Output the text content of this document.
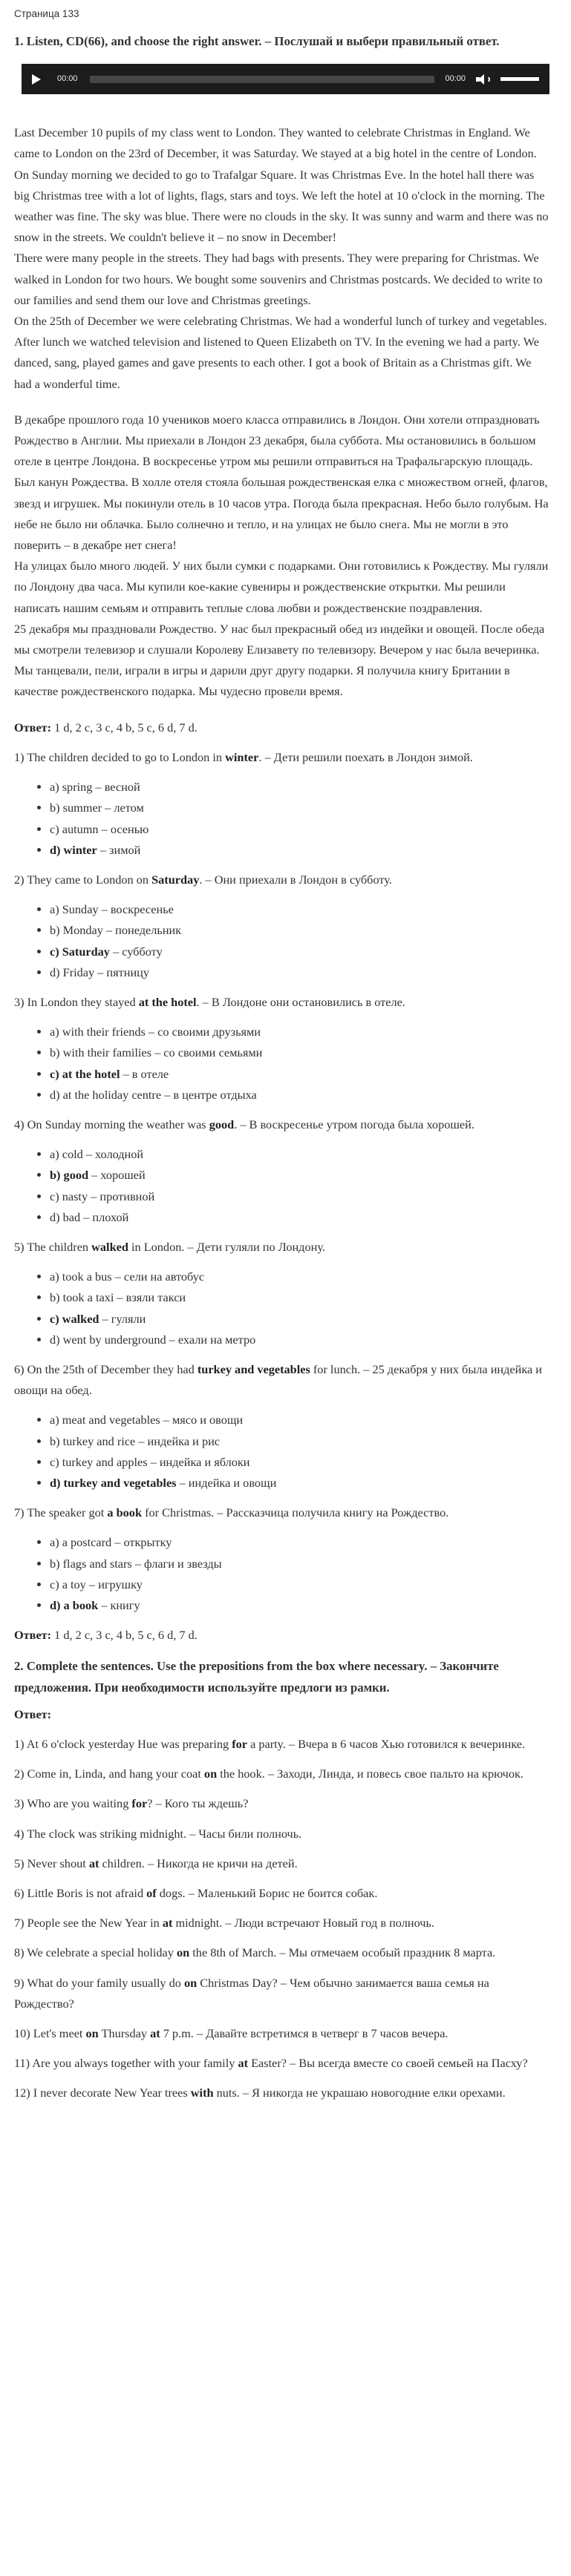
Страница 133
1. Listen, CD(66), and choose the right answer. – Послушай и выбери правильный ответ.
00:00	00:00

Last December 10 pupils of my class went to London. They wanted to celebrate Christmas in England. We came to London on the 23rd of December, it was Saturday. We stayed at a big hotel in the centre of London. On Sunday morning we decided to go to Trafalgar Square. It was Christmas Eve. In the hotel hall there was big Christmas tree with a lot of lights, flags, stars and toys. We left the hotel at 10 o'clock in the morning. The weather was fine. The sky was blue. There were no clouds in the sky. It was sunny and warm and there was no snow in the streets. We couldn't believe it – no snow in December!

There were many people in the streets. They had bags with presents. They were preparing for Christmas. We walked in London for two hours. We bought some souvenirs and Christmas postcards. We decided to write to our families and send them our love and Christmas greetings.

On the 25th of December we were celebrating Christmas. We had a wonderful lunch of turkey and vegetables. After lunch we watched television and listened to Queen Elizabeth on TV. In the evening we had a party. We danced, sang, played games and gave presents to each other. I got a book of Britain as a Christmas gift. We had a wonderful time.

В декабре прошлого года 10 учеников моего класса отправились в Лондон. Они хотели отпраздновать Рождество в Англии. Мы приехали в Лондон 23 декабря, была суббота. Мы остановились в большом отеле в центре Лондона. В воскресенье утром мы решили отправиться на Трафальгарскую площадь. Был канун Рождества. В холле отеля стояла большая рождественская елка с множеством огней, флагов, звезд и игрушек. Мы покинули отель в 10 часов утра. Погода была прекрасная. Небо было голубым. На небе не было ни облачка. Было солнечно и тепло, и на улицах не было снега. Мы не могли в это поверить – в декабре нет снега!

На улицах было много людей. У них были сумки с подарками. Они готовились к Рождеству. Мы гуляли по Лондону два часа. Мы купили кое-какие сувениры и рождественские открытки. Мы решили написать нашим семьям и отправить теплые слова любви и рождественские поздравления.

25 декабря мы праздновали Рождество. У нас был прекрасный обед из индейки и овощей. После обеда мы смотрели телевизор и слушали Королеву Елизавету по телевизору. Вечером у нас была вечеринка. Мы танцевали, пели, играли в игры и дарили друг другу подарки. Я получила книгу Британии в качестве рождественского подарка. Мы чудесно провели время.

Ответ: 1 d, 2 c, 3 c, 4 b, 5 c, 6 d, 7 d.

1) The children decided to go to London in winter. – Дети решили поехать в Лондон зимой.

• a) spring – весной
• b) summer – летом
• c) autumn – осенью
• d) winter – зимой

2) They came to London on Saturday. – Они приехали в Лондон в субботу.

• a) Sunday – воскресенье
• b) Monday – понедельник
• c) Saturday – субботу
• d) Friday – пятницу

3) In London they stayed at the hotel. – В Лондоне они остановились в отеле.

• a) with their friends – со своими друзьями
• b) with their families – со своими семьями
• c) at the hotel – в отеле
• d) at the holiday centre – в центре отдыха

4) On Sunday morning the weather was good. – В воскресенье утром погода была хорошей.

• a) cold – холодной
• b) good – хорошей
• c) nasty – противной
• d) bad – плохой

5) The children walked in London. – Дети гуляли по Лондону.

• a) took a bus – сели на автобус
• b) took a taxi – взяли такси
• c) walked – гуляли
• d) went by underground – ехали на метро

6) On the 25th of December they had turkey and vegetables for lunch. – 25 декабря у них была индейка и овощи на обед.

• a) meat and vegetables – мясо и овощи
• b) turkey and rice – индейка и рис
• c) turkey and apples – индейка и яблоки
• d) turkey and vegetables – индейка и овощи

7) The speaker got a book for Christmas. – Рассказчица получила книгу на Рождество.

• a) a postcard – открытку
• b) flags and stars – флаги и звезды
• c) a toy – игрушку
• d) a book – книгу

Ответ: 1 d, 2 c, 3 c, 4 b, 5 c, 6 d, 7 d.

2. Complete the sentences. Use the prepositions from the box where necessary. – Закончите предложения. При необходимости используйте предлоги из рамки.

Ответ:

1) At 6 o'clock yesterday Hue was preparing for a party. – Вчера в 6 часов Хью готовился к вечеринке.

2) Come in, Linda, and hang your coat on the hook. – Заходи, Линда, и повесь свое пальто на крючок.

3) Who are you waiting for? – Кого ты ждешь?

4) The clock was striking midnight. – Часы били полночь.

5) Never shout at children. – Никогда не кричи на детей.

6) Little Boris is not afraid of dogs. – Маленький Борис не боится собак.

7) People see the New Year in at midnight. – Люди встречают Новый год в полночь.

8) We celebrate a special holiday on the 8th of March. – Мы отмечаем особый праздник 8 марта.

9) What do your family usually do on Christmas Day? – Чем обычно занимается ваша семья на Рождество?

10) Let's meet on Thursday at 7 p.m. – Давайте встретимся в четверг в 7 часов вечера.

11) Are you always together with your family at Easter? – Вы всегда вместе со своей семьей на Пасху?

12) I never decorate New Year trees with nuts. – Я никогда не украшаю новогодние елки орехами.
